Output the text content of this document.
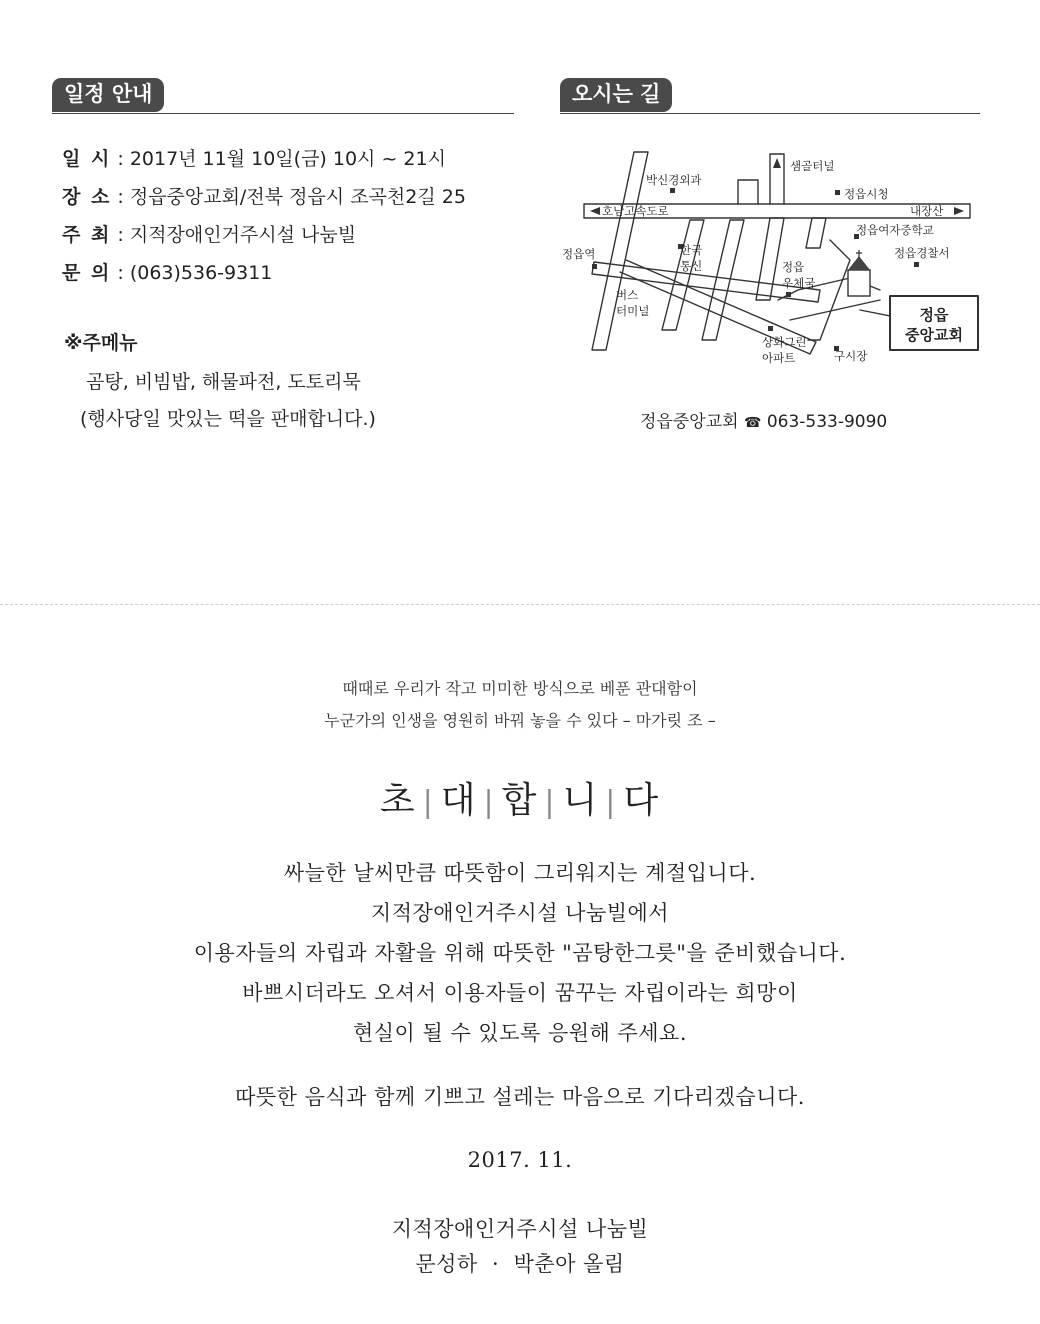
일정 안내
일 시 : 2017년 11월 10일(금) 10시 ~ 21시
장 소 : 정읍중앙교회/전북 정읍시 조곡천2길 25
주 최 : 지적장애인거주시설 나눔빌
문 의 : (063)536-9311
※주메뉴
곰탕, 비빔밥, 해물파전, 도토리묵
(행사당일 맛있는 떡을 판매합니다.)
오시는 길
박신경외과
샘골터널
정읍시청
호남고속도로	내장산
정읍여자중학교
정읍경찰서
정읍역	한국
통신	정읍
우체국
버스
터미널
상화그린
아파트	구시장
정읍
중앙교회
정읍중앙교회 ☎ 063-533-9090
때때로 우리가 작고 미미한 방식으로 베푼 관대함이
누군가의 인생을 영원히 바꿔 놓을 수 있다 – 마가릿 조 –
초 | 대 | 합 | 니 | 다
싸늘한 날씨만큼 따뜻함이 그리워지는 계절입니다.
지적장애인거주시설 나눔빌에서
이용자들의 자립과 자활을 위해 따뜻한 "곰탕한그릇"을 준비했습니다.
바쁘시더라도 오셔서 이용자들이 꿈꾸는 자립이라는 희망이
현실이 될 수 있도록 응원해 주세요.
따뜻한 음식과 함께 기쁘고 설레는 마음으로 기다리겠습니다.
2017. 11.
지적장애인거주시설 나눔빌
문성하  ·  박춘아 올림
